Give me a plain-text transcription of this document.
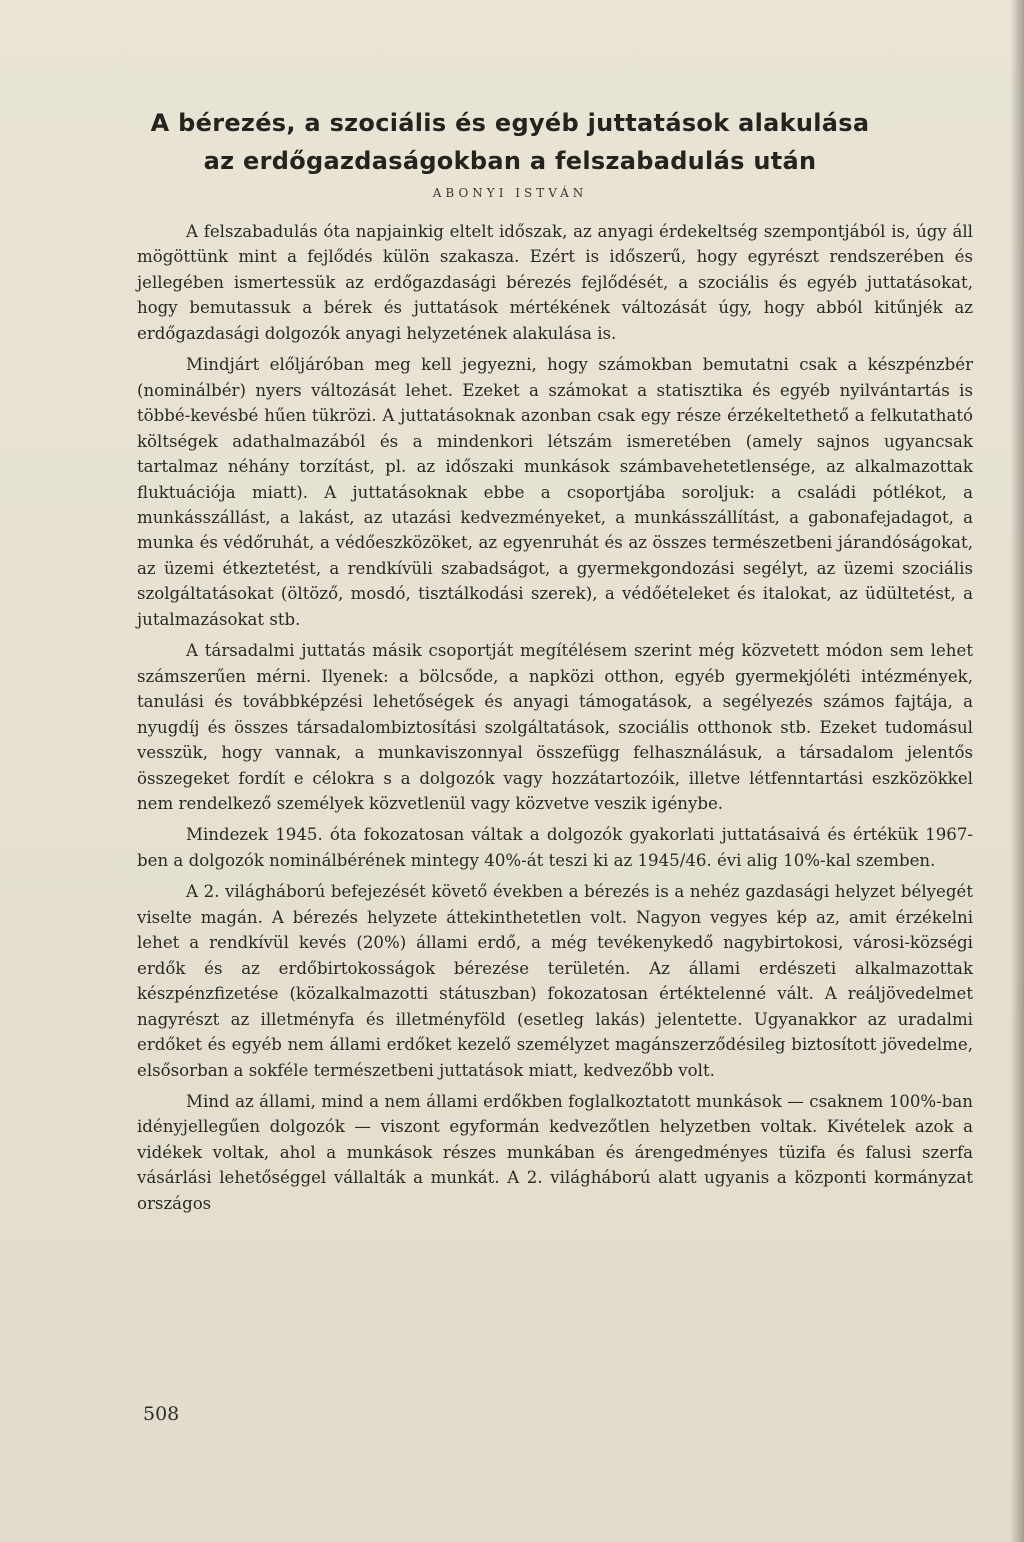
A bérezés, a szociális és egyéb juttatások alakulása
az erdőgazdaságokban a felszabadulás után
ABONYI ISTVÁN

A felszabadulás óta napjainkig eltelt időszak, az anyagi érdekeltség szempontjából is, úgy áll mögöttünk mint a fejlődés külön szakasza. Ezért is időszerű, hogy egyrészt rendszerében és jellegében ismertessük az erdőgazdasági bérezés fejlődését, a szociális és egyéb juttatásokat, hogy bemutassuk a bérek és juttatások mértékének változását úgy, hogy abból kitűnjék az erdőgazdasági dolgozók anyagi helyzetének alakulása is.

Mindjárt előljáróban meg kell jegyezni, hogy számokban bemutatni csak a készpénzbér (nominálbér) nyers változását lehet. Ezeket a számokat a statisztika és egyéb nyilvántartás is többé-kevésbé hűen tükrözi. A juttatásoknak azonban csak egy része érzékeltethető a felkutatható költségek adathalmazából és a mindenkori létszám ismeretében (amely sajnos ugyancsak tartalmaz néhány torzítást, pl. az időszaki munkások számbavehetetlensége, az alkalmazottak fluktuációja miatt). A juttatásoknak ebbe a csoportjába soroljuk: a családi pótlékot, a munkásszállást, a lakást, az utazási kedvezményeket, a munkásszállítást, a gabonafejadagot, a munka és védőruhát, a védőeszközöket, az egyenruhát és az összes természetbeni járandóságokat, az üzemi étkeztetést, a rendkívüli szabadságot, a gyermekgondozási segélyt, az üzemi szociális szolgáltatásokat (öltöző, mosdó, tisztálkodási szerek), a védőételeket és italokat, az üdültetést, a jutalmazásokat stb.

A társadalmi juttatás másik csoportját megítélésem szerint még közvetett módon sem lehet számszerűen mérni. Ilyenek: a bölcsőde, a napközi otthon, egyéb gyermekjóléti intézmények, tanulási és továbbképzési lehetőségek és anyagi támogatások, a segélyezés számos fajtája, a nyugdíj és összes társadalombiztosítási szolgáltatások, szociális otthonok stb. Ezeket tudomásul vesszük, hogy vannak, a munkaviszonnyal összefügg felhasználásuk, a társadalom jelentős összegeket fordít e célokra s a dolgozók vagy hozzátartozóik, illetve létfenntartási eszközökkel nem rendelkező személyek közvetlenül vagy közvetve veszik igénybe.

Mindezek 1945. óta fokozatosan váltak a dolgozók gyakorlati juttatásaivá és értékük 1967-ben a dolgozók nominálbérének mintegy 40%-át teszi ki az 1945/46. évi alig 10%-kal szemben.

A 2. világháború befejezését követő években a bérezés is a nehéz gazdasági helyzet bélyegét viselte magán. A bérezés helyzete áttekinthetetlen volt. Nagyon vegyes kép az, amit érzékelni lehet a rendkívül kevés (20%) állami erdő, a még tevékenykedő nagybirtokosi, városi-községi erdők és az erdőbirtokosságok bérezése területén. Az állami erdészeti alkalmazottak készpénzfizetése (közalkalmazotti státuszban) fokozatosan értéktelenné vált. A reáljövedelmet nagyrészt az illetményfa és illetményföld (esetleg lakás) jelentette. Ugyanakkor az uradalmi erdőket és egyéb nem állami erdőket kezelő személyzet magánszerződésileg biztosított jövedelme, elsősorban a sokféle természetbeni juttatások miatt, kedvezőbb volt.

Mind az állami, mind a nem állami erdőkben foglalkoztatott munkások — csaknem 100%-ban idényjellegűen dolgozók — viszont egyformán kedvezőtlen helyzetben voltak. Kivételek azok a vidékek voltak, ahol a munkások részes munkában és árengedményes tüzifa és falusi szerfa vásárlási lehetőséggel vállalták a munkát. A 2. világháború alatt ugyanis a központi kormányzat országos

508
